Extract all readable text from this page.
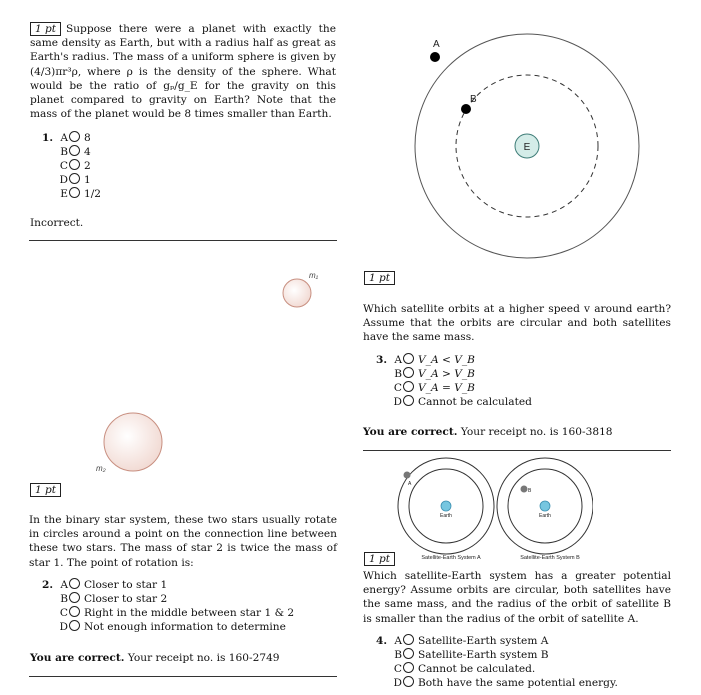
1 pt Suppose there were a planet with exactly the same density as Earth, but with a radius half as great as Earth's radius. The mass of a uniform sphere is given by (4/3)πr³ρ, where ρ is the density of the sphere. What would be the ratio of gₚ/g_E for the gravity on this planet compared to gravity on Earth? Note that the mass of the planet would be 8 times smaller than Earth.
1. A 8
B 4
C 2
D 1
E 1/2
Incorrect.
E
A
B
m₁
m₂
1 pt
Which satellite orbits at a higher speed v around earth? Assume that the orbits are circular and both satellites have the same mass.
3. A V_A < V_B
B V_A > V_B
C V_A = V_B
D Cannot be calculated
You are correct. Your receipt no. is 160-3818
1 pt
In the binary star system, these two stars usually rotate in circles around a point on the connection line between these two stars. The mass of star 2 is twice the mass of star 1. The point of rotation is:
2. A Closer to star 1
B Closer to star 2
C Right in the middle between star 1 & 2
D Not enough information to determine
You are correct. Your receipt no. is 160-2749
Earth
A
Earth
B
Satellite-Earth System A	Satellite-Earth System B
1 pt
Which satellite-Earth system has a greater potential energy? Assume orbits are circular, both satellites have the same mass, and the radius of the orbit of satellite B is smaller than the radius of the orbit of satellite A.
4. A Satellite-Earth system A
B Satellite-Earth system B
C Cannot be calculated.
D Both have the same potential energy.
